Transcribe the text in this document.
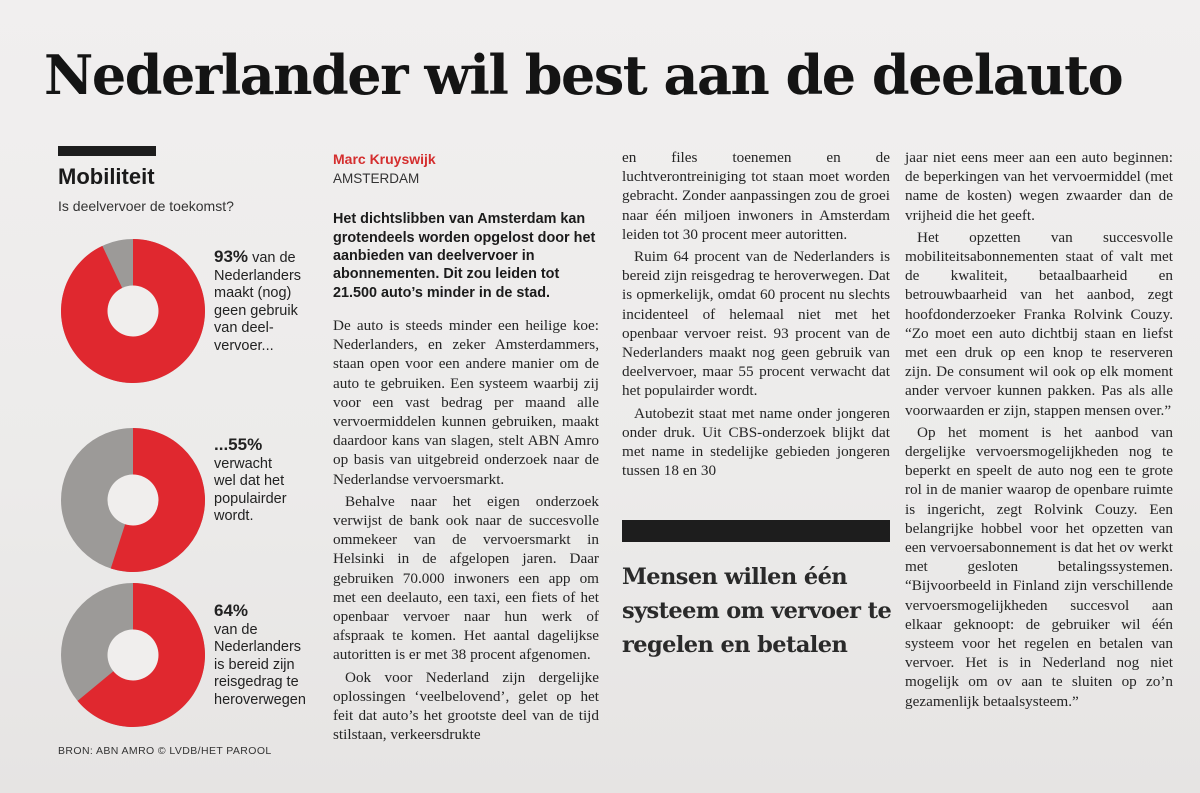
Nederlander wil best aan de deelauto
Mobiliteit
Is deelvervoer de toekomst?
93% van de
Nederlanders
maakt (nog)
geen gebruik
van deel-
vervoer...
...55%
verwacht
wel dat het
populairder
wordt.
64%
van de
Nederlanders
is bereid zijn
reisgedrag te
heroverwegen
BRON: ABN AMRO © LVDB/HET PAROOL
Marc Kruyswijk
AMSTERDAM
Het dichtslibben van Amsterdam kan grotendeels worden opgelost door het aanbieden van deelvervoer in abonnementen. Dit zou leiden tot 21.500 auto’s minder in de stad.

De auto is steeds minder een heilige koe: Nederlanders, en zeker Amsterdammers, staan open voor een andere manier om de auto te gebruiken. Een systeem waarbij zij voor een vast bedrag per maand alle vervoermiddelen kunnen gebruiken, maakt daardoor kans van slagen, stelt ABN Amro op basis van uitgebreid onderzoek naar de Nederlandse vervoersmarkt.

Behalve naar het eigen onderzoek verwijst de bank ook naar de succesvolle ommekeer van de vervoersmarkt in Helsinki in de afgelopen jaren. Daar gebruiken 70.000 inwoners een app om met een deelauto, een taxi, een fiets of het openbaar vervoer naar hun werk of afspraak te komen. Het aantal dagelijkse autoritten is er met 38 procent afgenomen.

Ook voor Nederland zijn dergelijke oplossingen ‘veelbelovend’, gelet op het feit dat auto’s het grootste deel van de tijd stilstaan, verkeersdrukte

en files toenemen en de luchtverontreiniging tot staan moet worden gebracht. Zonder aanpassingen zou de groei naar één miljoen inwoners in Amsterdam leiden tot 30 procent meer autoritten.

Ruim 64 procent van de Nederlanders is bereid zijn reisgedrag te heroverwegen. Dat is opmerkelijk, omdat 60 procent nu slechts incidenteel of helemaal niet met het openbaar vervoer reist. 93 procent van de Nederlanders maakt nog geen gebruik van deelvervoer, maar 55 procent verwacht dat het populairder wordt.

Autobezit staat met name onder jongeren onder druk. Uit CBS-onderzoek blijkt dat met name in stedelijke gebieden jongeren tussen 18 en 30

Mensen willen één systeem om vervoer te regelen en betalen

jaar niet eens meer aan een auto beginnen: de beperkingen van het vervoermiddel (met name de kosten) wegen zwaarder dan de vrijheid die het geeft.

Het opzetten van succesvolle mobiliteitsabonnementen staat of valt met de kwaliteit, betaalbaarheid en betrouwbaarheid van het aanbod, zegt hoofdonderzoeker Franka Rolvink Couzy. “Zo moet een auto dichtbij staan en liefst met een druk op een knop te reserveren zijn. De consument wil ook op elk moment ander vervoer kunnen pakken. Pas als alle voorwaarden er zijn, stappen mensen over.”

Op het moment is het aanbod van dergelijke vervoersmogelijkheden nog te beperkt en speelt de auto nog een te grote rol in de manier waarop de openbare ruimte is ingericht, zegt Rolvink Couzy. Een belangrijke hobbel voor het opzetten van een vervoersabonnement is dat het ov werkt met gesloten betalingssystemen. “Bijvoorbeeld in Finland zijn verschillende vervoersmogelijkheden succesvol aan elkaar geknoopt: de gebruiker wil één systeem voor het regelen en betalen van vervoer. Het is in Nederland nog niet mogelijk om ov aan te sluiten op zo’n gezamenlijk betaalsysteem.”
